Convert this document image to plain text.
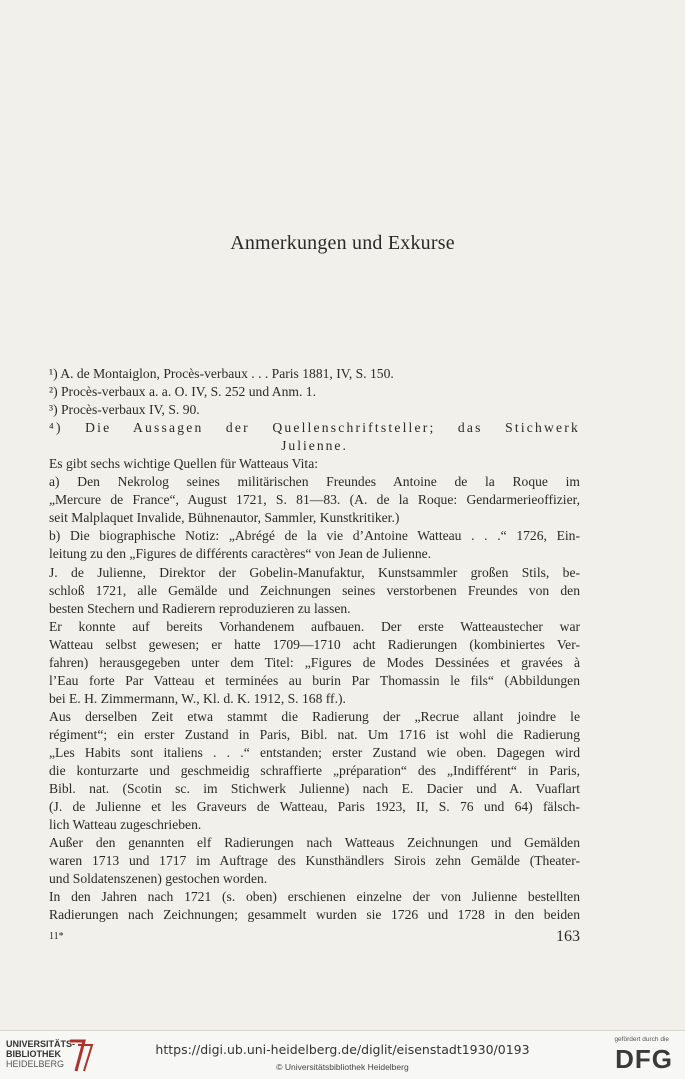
Anmerkungen und Exkurse
¹) A. de Montaiglon, Procès-verbaux . . . Paris 1881, IV, S. 150.
²) Procès-verbaux a. a. O. IV, S. 252 und Anm. 1.
³) Procès-verbaux IV, S. 90.
⁴) Die Aussagen der Quellenschriftsteller; das Stichwerk
Julienne.
Es gibt sechs wichtige Quellen für Watteaus Vita:
a) Den Nekrolog seines militärischen Freundes Antoine de la Roque im
„Mercure de France“, August 1721, S. 81—83. (A. de la Roque: Gendarmerieoffizier,
seit Malplaquet Invalide, Bühnenautor, Sammler, Kunstkritiker.)
b) Die biographische Notiz: „Abrégé de la vie d’Antoine Watteau . . .“ 1726, Ein-
leitung zu den „Figures de différents caractères“ von Jean de Julienne.
J. de Julienne, Direktor der Gobelin-Manufaktur, Kunstsammler großen Stils, be-
schloß 1721, alle Gemälde und Zeichnungen seines verstorbenen Freundes von den
besten Stechern und Radierern reproduzieren zu lassen.
Er konnte auf bereits Vorhandenem aufbauen. Der erste Watteaustecher war
Watteau selbst gewesen; er hatte 1709—1710 acht Radierungen (kombiniertes Ver-
fahren) herausgegeben unter dem Titel: „Figures de Modes Dessinées et gravées à
l’Eau forte Par Vatteau et terminées au burin Par Thomassin le fils“ (Abbildungen
bei E. H. Zimmermann, W., Kl. d. K. 1912, S. 168 ff.).
Aus derselben Zeit etwa stammt die Radierung der „Recrue allant joindre le
régiment“; ein erster Zustand in Paris, Bibl. nat. Um 1716 ist wohl die Radierung
„Les Habits sont italiens . . .“ entstanden; erster Zustand wie oben. Dagegen wird
die konturzarte und geschmeidig schraffierte „préparation“ des „Indifférent“ in Paris,
Bibl. nat. (Scotin sc. im Stichwerk Julienne) nach E. Dacier und A. Vuaflart
(J. de Julienne et les Graveurs de Watteau, Paris 1923, II, S. 76 und 64) fälsch-
lich Watteau zugeschrieben.
Außer den genannten elf Radierungen nach Watteaus Zeichnungen und Gemälden
waren 1713 und 1717 im Auftrage des Kunsthändlers Sirois zehn Gemälde (Theater-
und Soldatenszenen) gestochen worden.
In den Jahren nach 1721 (s. oben) erschienen einzelne der von Julienne bestellten
Radierungen nach Zeichnungen; gesammelt wurden sie 1726 und 1728 in den beiden
11*	163
UNIVERSITÄTS-
BIBLIOTHEK
HEIDELBERG
https://digi.ub.uni-heidelberg.de/diglit/eisenstadt1930/0193
© Universitätsbibliothek Heidelberg
gefördert durch die
DFG
